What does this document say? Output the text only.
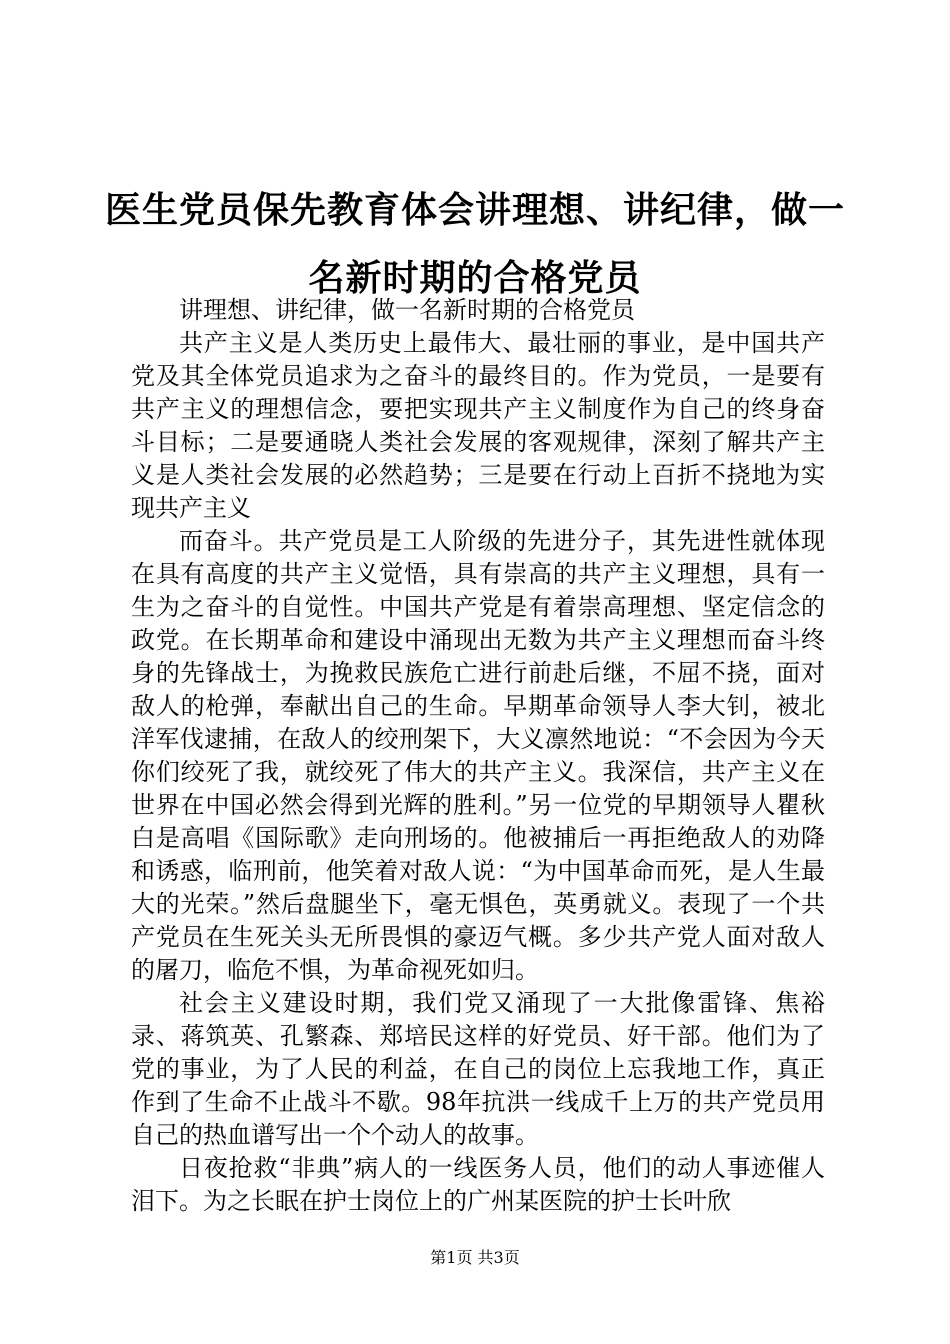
医生党员保先教育体会讲理想、讲纪律，做一名新时期的合格党员

讲理想、讲纪律，做一名新时期的合格党员

共产主义是人类历史上最伟大、最壮丽的事业，是中国共产党及其全体党员追求为之奋斗的最终目的。作为党员，一是要有共产主义的理想信念，要把实现共产主义制度作为自己的终身奋斗目标；二是要通晓人类社会发展的客观规律，深刻了解共产主义是人类社会发展的必然趋势；三是要在行动上百折不挠地为实现共产主义

而奋斗。共产党员是工人阶级的先进分子，其先进性就体现在具有高度的共产主义觉悟，具有崇高的共产主义理想，具有一生为之奋斗的自觉性。中国共产党是有着崇高理想、坚定信念的政党。在长期革命和建设中涌现出无数为共产主义理想而奋斗终身的先锋战士，为挽救民族危亡进行前赴后继，不屈不挠，面对敌人的枪弹，奉献出自己的生命。早期革命领导人李大钊，被北洋军伐逮捕，在敌人的绞刑架下，大义凛然地说：“不会因为今天你们绞死了我，就绞死了伟大的共产主义。我深信，共产主义在世界在中国必然会得到光辉的胜利。”另一位党的早期领导人瞿秋白是高唱《国际歌》走向刑场的。他被捕后一再拒绝敌人的劝降和诱惑，临刑前，他笑着对敌人说：“为中国革命而死，是人生最大的光荣。”然后盘腿坐下，毫无惧色，英勇就义。表现了一个共产党员在生死关头无所畏惧的豪迈气概。多少共产党人面对敌人的屠刀，临危不惧，为革命视死如归。

社会主义建设时期，我们党又涌现了一大批像雷锋、焦裕录、蒋筑英、孔繁森、郑培民这样的好党员、好干部。他们为了党的事业，为了人民的利益，在自己的岗位上忘我地工作，真正作到了生命不止战斗不歇。98年抗洪一线成千上万的共产党员用自己的热血谱写出一个个动人的故事。

日夜抢救“非典”病人的一线医务人员，他们的动人事迹催人泪下。为之长眠在护士岗位上的广州某医院的护士长叶欣

第1页 共3页
